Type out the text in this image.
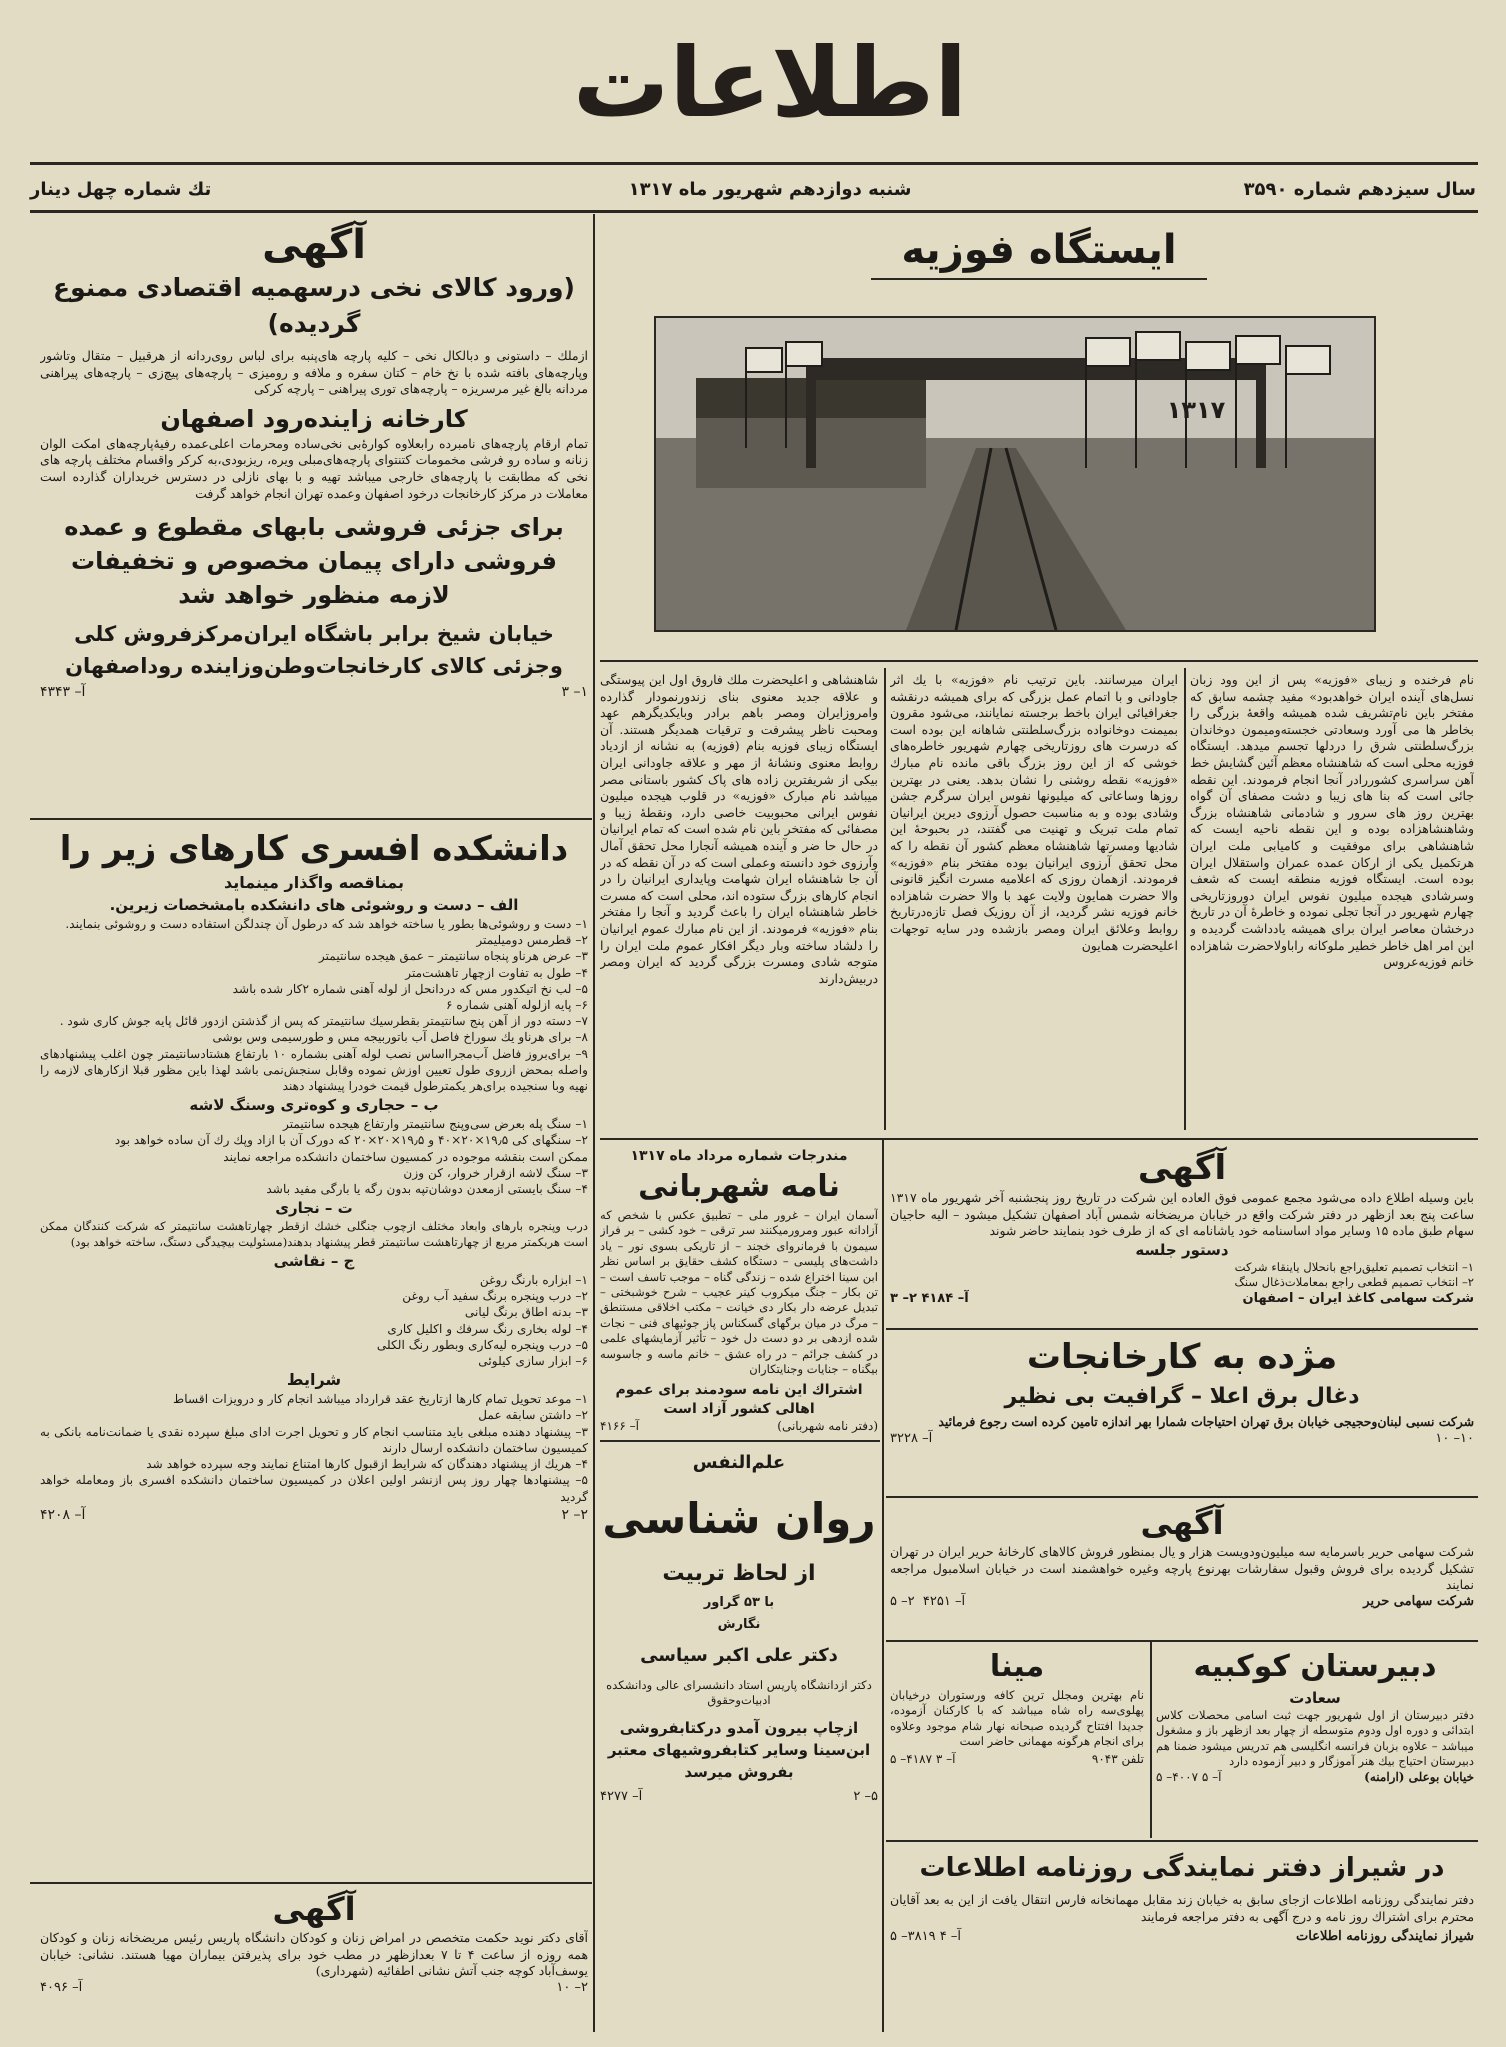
اطلاعات
سال سیزدهم شماره ۳۵۹۰
شنبه دوازدهم شهریور ماه ۱۳۱۷
تك شماره چهل دینار
آگهی
(ورود کالای نخی درسهمیه اقتصادی ممنوع گردیده)

ازملك – داستونی و دبالكال نخی – كليه پارچه های‌پنبه برای لباس روی‌ردانه از هرقبیل – متقال وتاشور وپارچه‌های بافته شده با نخ خام – كتان سفره و ملافه و رومیزی – پارچه‌های پیچ‌زی – پارچه‌های پیراهنی مردانه بالغ غیر مرسریزه – پارچه‌های توری پیراهنی – پارچه كركی

کارخانه زاینده‌رود اصفهان

تمام ارقام پارچه‌های نامبرده رابعلاوه کوارهٔ‌بی نخی‌ساده ومحرمات اعلی‌عمده رفیهٔ‌پارچه‌های امکت الوان زنانه و ساده رو فرشی مخمومات كتنتوای پارچه‌های‌مبلی ویره، ریزبودی،به كركر واقسام مختلف پارچه های نخی که مطابقت با پارچه‌های خارجی میباشد تهیه و با بهای نازلی در دسترس خریداران گذارده است معاملات در مرکز کارخانجات درخود اصفهان وعمده تهران انجام خواهد گرفت

برای جزئی فروشی بابهای مقطوع و عمده فروشی دارای پیمان مخصوص و تخفیفات لازمه منظور خواهد شد
خیابان شیخ برابر باشگاه ایران‌مرکزفروش کلی وجزئی کالای کارخانجات‌وطن‌وزاینده رود‌اصفهان
۱– ۳
آ– ۴۳۴۳
دانشکده افسری کارهای زیر را
بمناقصه واگذار مینماید
الف – دست و روشوئی های دانشکده بامشخصات زیرین.
۱– دست و روشوئی‌ها بطور یا ساخته خواهد شد که درطول آن چندلگن استفاده دست و روشوئی بنمایند.
۲– قطرمس دومیلیمتر
۳– عرض هرناو پنجاه سانتیمتر – عمق هیجده سانتیمتر
۴– طول به تفاوت ازچهار تاهشت‌متر
۵– لب نخ اتیکدور مس که دردانحل از لوله آهنی شماره ۲کار شده باشد
۶– پایه ازلوله آهنی شماره ۶
۷– دسته دور از آهن پنج سانتیمتر بقطرسیك سانتیمتر که پس از گذشتن ازدور قائل پایه جوش كاری شود .
۸– برای هرناو یك سوراخ فاصل آب باتوربیجه مس و طورسیمی وس بوشی
۹– برای‌بروز فاضل آب‌مجرااساس نصب لوله آهنی بشماره ۱۰ بارتفاع هشتادسانتیمتر چون اغلب پیشنهادهای واصله بمحض ازروی طول تعیین اوزش نموده وقابل سنجش‌نمی باشد لهذا باین‌ مظور قبلا ازکارهای لازمه را نهیه وبا سنجیده برای‌هر یکمترطول قیمت خودرا پیشنهاد دهند
ب – حجاری و کوه‌تری وسنگ لاشه
۱– سنگ پله بعرض سی‌وپنج سانتیمتر وارتفاع هیجده سانتیمتر
۲– سنگهای کی ۱۹٫۵×۲۰×۴۰ و ۱۹٫۵×۲۰×۲۰ که دورک آن با ازاد وپك رك آن ساده خواهد بود
ممکن است بنقشه موجوده در کمسیون ساختمان دانشکده مراجعه نمایند
۳– سنگ لاشه ازقرار خروار، کن وزن
۴– سنگ بایستی ازمعدن دوشان‌تپه بدون رگه یا بارگی مفید باشد
ت – نجاری

درب وپنجره بارهای وابعاد مختلف ازچوب جنگلی خشك ازقطر چهارتاهشت سانتیمتر که شرکت کنندگان ممکن است هربکمتر مربع از چهارتاهشت سانتیمتر قطر پیشنهاد بدهند(مسئولیت بیچیدگی دستگ، ساخته خواهد بود)

ج – نقاشی
۱– ابزاره بارنگ روغن
۲– درب وپنجره برنگ سفید آب روغن
۳– بدنه اطاق برنگ لیانی
۴– لوله بخاری رنگ سرفك و اکلیل کاری
۵– درب وپنجره لیه‌کاری وبطور رنگ الکلی
۶– ابزار سازی کیلوئی
شرایط
۱– موعد تحویل تمام کارها ازتاریخ عقد قرارداد میباشد انجام کار و درویزات اقساط
۲– داشتن سابقه عمل
۳– پیشنهاد دهنده مبلغی باید متناسب انجام کار و تحویل اجرت ادای مبلغ سپرده نقدی یا ضمانت‌نامه بانکی به کمیسیون ساختمان دانشکده ارسال دارند
۴– هریك از پیشنهاد دهندگان که شرایط ازقبول کارها امتناع نمایند وجه سپرده خواهد شد
۵– پیشنهادها چهار روز پس ازنشر اولین اعلان در کمیسیون ساختمان دانشکده افسری باز ومعامله خواهد گردید
۲– ۲
آ– ۴۲۰۸
آگهی

آقای دکتر نوید حکمت متخصص در امراض زنان و کودکان دانشگاه پاریس رئیس مریضخانه زنان و کودکان همه روزه از ساعت ۴ تا ۷ بعدازظهر در مطب خود برای پذیرفتن بیماران مهیا هستند. نشانی: خیابان یوسف‌آباد کوچه جنب آتش نشانی اطفائیه (شهرداری)

۲– ۱۰
آ– ۴۰۹۶
ایستگاه فوزیه
۱۳۱۷

نام فرخنده و زیبای «فوزیه» پس از این وود زبان نسل‌های آینده ایران خواهدبود» مفید چشمه سابق که مفتخر باین نام‌تشریف شده همیشه واقعهٔ بزرگی را بخاطر ها می آورد وسعادتی خجسته‌ومیمون دوخاندان بزرگ‌سلطنتی شرق را دردلها تجسم میدهد. ایستگاه فوزیه محلی است که شاهنشاه معظم آئین گشایش خط آهن سراسری کشوررادر آنجا انجام فرمودند. این نقطه جائی است که بنا های زیبا و دشت مصفای آن گواه بهترین روز های سرور و شادمانی شاهنشاه بزرگ وشاهنشاهزاده بوده و این نقطه ناحیه ایست که شاهنشاهی برای موفقیت و کامیابی ملت ایران هرتکمیل یکی از ارکان عمده عمران واستقلال ایران بوده است. ایستگاه فوزیه منطقه ایست که شعف وسرشادی هیجده میلیون نفوس ایران دوروزتاریخی چهارم شهریور در آنجا تجلی نموده و خاطرهٔ آن در تاریخ درخشان معاصر ایران برای همیشه یادداشت گردیده و این امر اهل خاطر خطیر ملوکانه راباولاحضرت شاهزاده خانم فوزیه‌عروس

ایران میرسانند. باین ترتیب نام «فوزیه» با یك اثر جاودانی و با اتمام عمل بزرگی که برای همیشه درنقشه جغرافیائی ایران باخط برجسته نمایانند، می‌شود مقرون بمیمنت دوخانواده بزرگ‌سلطنتی شاهانه این بوده است که درسرت های روزتاریخی چهارم شهریور خاطره‌های خوشی که از این روز بزرگ باقی مانده نام مبارك «فوزیه» نقطه روشنی را نشان بدهد. یعنی در بهترین روزها وساعاتی که میلیونها نفوس ایران سرگرم جشن وشادی بوده و به مناسبت حصول آرزوی دیرین ایرانیان تمام ملت تبریک و تهنیت می گفتند، در بحبوحهٔ این شادیها ومسرتها شاهنشاه معظم کشور آن نقطه را که محل تحقق آرزوی ایرانیان بوده مفتخر بنام «فوزیه» فرمودند. ازهمان روزی که اعلامیه مسرت انگیز قانونی والا حضرت همایون ولایت عهد با والا حضرت شاهزاده خانم فوزیه نشر گردید، از آن روزیک فصل تازه‌درتاریخ روابط وعلائق ایران ومصر بازشده ودر سایه توجهات اعلیحضرت همایون

شاهنشاهی و اعلیحضرت ملك فاروق اول این پیوستگی و علاقه جدید معنوی بنای زندورنمودار گذارده وامروزایران ومصر باهم برادر وبایکدیگرهم عهد ومحبت ناظر پیشرفت و ترقیات همدیگر هستند. آن ایستگاه زیبای فوزیه بنام (فوزیه) به نشانه از ازدیاد روابط معنوی ونشانهٔ از مهر و علاقه جاودانی ایران بیکی از شریفترین زاده های پاک کشور باستانی مصر میباشد نام مبارک «فوزیه» در قلوب هیجده میلیون نفوس ایرانی محبوبیت خاصی دارد، ونقطهٔ زیبا و مصفائی که مفتخر باین نام شده است که تمام ایرانیان در حال حا ضر و آینده همیشه آنجارا محل تحقق آمال وآرزوی خود دانسته وعملی است که در آن نقطه که در آن جا شاهنشاه ایران شهامت وپایداری ایرانیان را در انجام کارهای بزرگ ستوده اند، محلی است که مسرت خاطر شاهنشاه ایران را باعث گردید و آنجا را مفتخر بنام «فوزیه» فرمودند. از این نام مبارك عموم ایرانیان را دلشاد ساخته وبار دیگر افکار عموم ملت ایران را متوجه شادی ومسرت بزرگی گردید که ایران ومصر دربیش‌دارند

مندرجات شماره مرداد ماه ۱۳۱۷
نامه شهربانی

آسمان ایران – غرور ملی – تطبیق عکس با شخص که آزادانه عبور ومرورمیکنند سر ترقی – خود کشی – بر فراز سیمون با فرمانروای خجند – از تاریکی بسوی نور – یاد داشت‌های پلیسی – دستگاه کشف حقایق بر اساس نظر ابن سینا اختراع شده – زندگی گناه – موجب تاسف است – تن بکار – جنگ میکروب کینر عجیب – شرح خوشبختی – تبدیل عرضه دار بکار دی خیانت – مکتب اخلاقی مستنطق – مرگ در میان برگهای گسکناس پاز جوئیهای فنی – نجات شده ازدهی بر دو دست دل خود – تأثیر آزمایشهای علمی در کشف جرائم – در راه عشق – خانم ماسه و جاسوسه بیگناه – جنایات وجنایتکاران

اشتراك این نامه سودمند برای عموم اهالی کشور آزاد است
(دفتر نامه شهربانی)
آ– ۴۱۶۶
علم‌النفس
روان شناسی
از لحاظ تربیت
با ۵۳ گراور
نگارش
دکتر علی اکبر سیاسی

دکتر ازدانشگاه پاریس استاد دانشسرای عالی ودانشکده ادبیات‌وحقوق

ازچاپ بیرون آمدو درکتابفروشی ابن‌سینا وسایر کتابفروشیهای معتبر بفروش میرسد
۵– ۲
آ– ۴۲۷۷
آگهی

باین وسیله اطلاع داده می‌شود مجمع عمومی فوق العاده این شرکت در تاریخ روز پنجشنبه آخر شهریور ماه ۱۳۱۷ ساعت پنج بعد ازظهر در دفتر شرکت واقع در خیابان مریضخانه شمس آباد اصفهان تشکیل میشود – الیه حاجیان سهام طبق ماده ۱۵ وسایر مواد اساسنامه خود یاشانامه ای که از طرف خود بنمایند حاضر شوند

دستور جلسه

۱– انتخاب تصمیم تعلیق‌راجع بانحلال یاینقاء شرکت

۲– انتخاب تصمیم قطعی راجع بمعاملات‌ذغال سنگ

شرکت سهامی کاغذ ایران – اصفهان
آ– ۴۱۸۴ ۲– ۳
مژده به کارخانجات
دغال برق اعلا – گرافیت بی نظیر

شرکت نسبی لبنان‌وحجیجی خیابان برق تهران احتیاجات شمارا بهر اندازه تامین کرده است رجوع فرمائید

۱۰– ۱۰
آ– ۳۲۲۸
آگهی

شرکت سهامی حریر باسرمایه سه میلیون‌ودویست هزار و یال بمنظور فروش کالاهای کارخانهٔ حریر ایران در تهران تشکیل گردیده برای فروش وقبول سفارشات بهرنوع پارچه وغیره خواهشمند است در خیابان اسلامبول مراجعه نمایند

شرکت سهامی حریر
آ– ۴۲۵۱  ۲– ۵
دبیرستان کوکبیه
سعادت

دفتر دبیرستان از اول شهریور جهت ثبت اسامی محصلات کلاس ابتدائی و دوره اول ودوم متوسطه از چهار بعد ازظهر باز و مشغول میباشد – علاوه بزبان فرانسه انگلیسی هم تدریس میشود ضمنا هم دبیرستان احتیاج بیك هنر آموزگار و دبیر آزموده دارد

خیابان بوعلی (ارامنه)
آ– ۴۰۰۷ ۵– ۵
مینا

نام بهترین ومجلل ترین کافه ورستوران درخیابان پهلوی‌سه راه شاه میباشد که با کارکنان آزموده، جدیدا افتتاح گردیده صبحانه نهار شام موجود وعلاوه برای انجام هرگونه مهمانی حاضر است

تلفن ۹۰۴۳
آ– ۴۱۸۷ ۳– ۵
در شیراز دفتر نمایندگی روزنامه اطلاعات

دفتر نمایندگی روزنامه اطلاعات ازجای سابق به خیابان زند مقابل مهمانخانه فارس انتقال یافت از این به بعد آقایان محترم برای اشتراك روز نامه و درج آگهی به دفتر مراجعه فرمایند

شیراز نمایندگی روزنامه اطلاعات
آ– ۳۸۱۹ ۴– ۵
